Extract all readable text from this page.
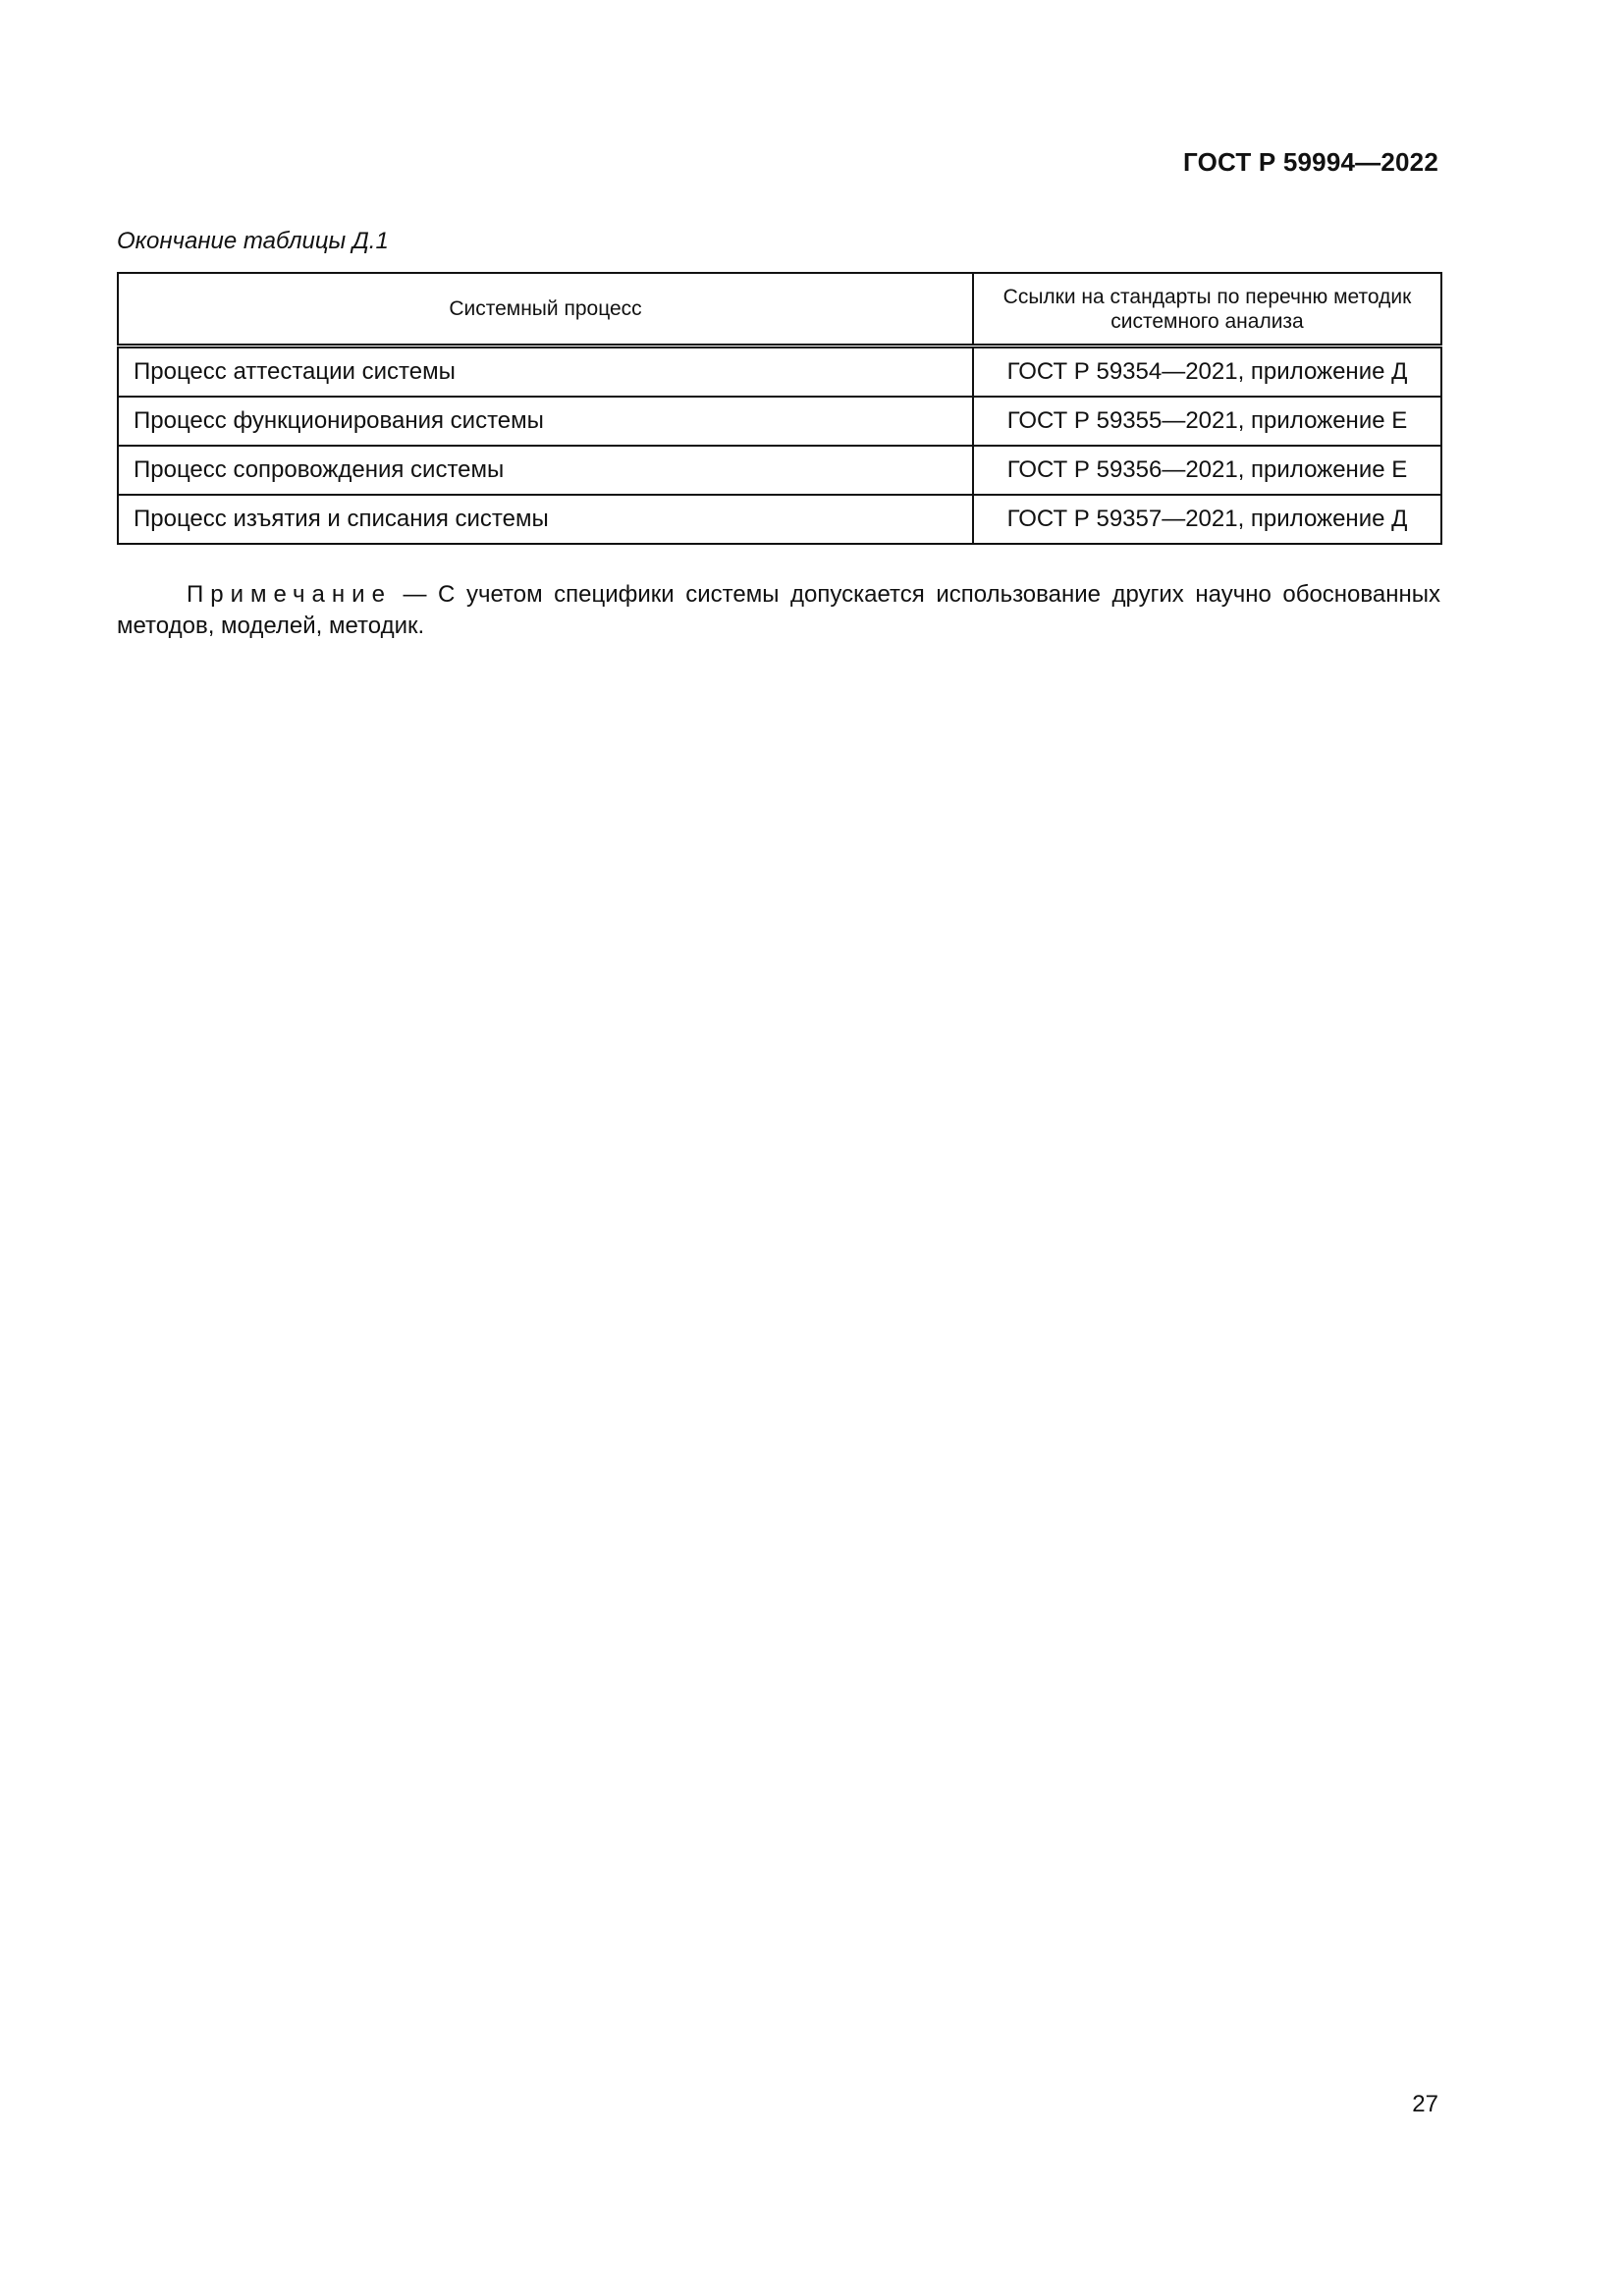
ГОСТ Р 59994—2022
Окончание таблицы Д.1
Системный процесс	Ссылки на стандарты по перечню методик системного анализа

Процесс аттестации системы	ГОСТ Р 59354—2021, приложение Д
Процесс функционирования системы	ГОСТ Р 59355—2021, приложение Е
Процесс сопровождения системы	ГОСТ Р 59356—2021, приложение Е
Процесс изъятия и списания системы	ГОСТ Р 59357—2021, приложение Д
Примечание — С учетом специфики системы допускается использование других научно обоснованных методов, моделей, методик.
27
